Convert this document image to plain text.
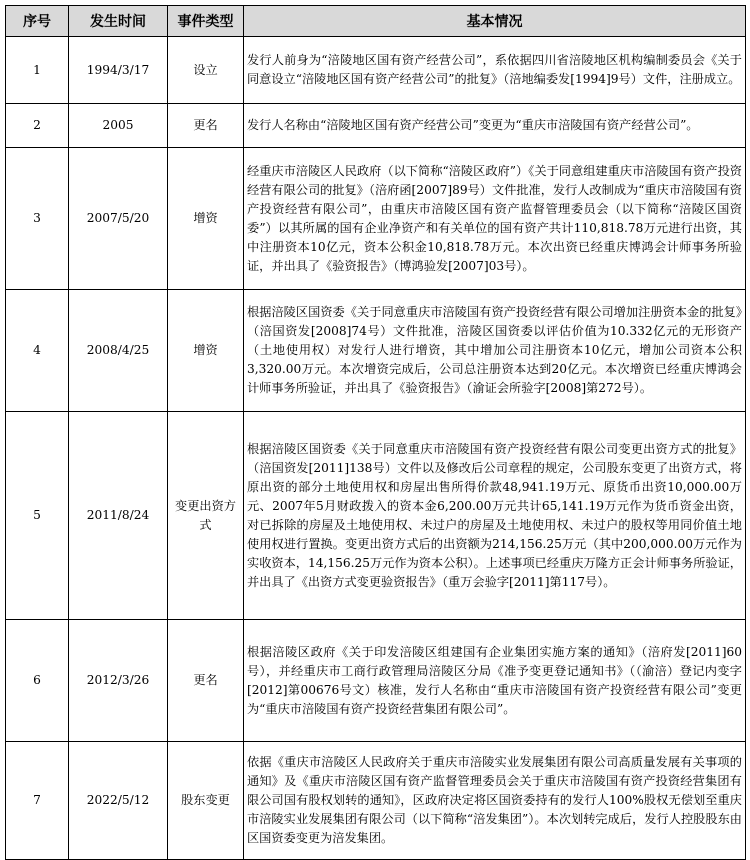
序号	发生时间	事件类型	基本情况
1	1994/3/17	设立	发行人前身为“涪陵地区国有资产经营公司”，系依据四川省涪陵地区机构编制委员会《关于同意设立“涪陵地区国有资产经营公司”的批复》（涪地编委发[1994]9号）文件，注册成立。
2	2005	更名	发行人名称由“涪陵地区国有资产经营公司”变更为“重庆市涪陵国有资产经营公司”。
3	2007/5/20	增资	经重庆市涪陵区人民政府（以下简称“涪陵区政府”）《关于同意组建重庆市涪陵国有资产投资经营有限公司的批复》（涪府函[2007]89号）文件批准，发行人改制成为“重庆市涪陵国有资产投资经营有限公司”，由重庆市涪陵区国有资产监督管理委员会（以下简称“涪陵区国资委”）以其所属的国有企业净资产和有关单位的国有资产共计110,818.78万元进行出资，其中注册资本10亿元，资本公积金10,818.78万元。本次出资已经重庆博鸿会计师事务所验证，并出具了《验资报告》（博鸿验发[2007]03号）。
4	2008/4/25	增资	根据涪陵区国资委《关于同意重庆市涪陵国有资产投资经营有限公司增加注册资本金的批复》（涪国资发[2008]74号）文件批准，涪陵区国资委以评估价值为10.332亿元的无形资产（土地使用权）对发行人进行增资，其中增加公司注册资本10亿元，增加公司资本公积3,320.00万元。本次增资完成后，公司总注册资本达到20亿元。本次增资已经重庆博鸿会计师事务所验证，并出具了《验资报告》（渝证会所验字[2008]第272号）。
5	2011/8/24	变更出资方式	根据涪陵区国资委《关于同意重庆市涪陵国有资产投资经营有限公司变更出资方式的批复》（涪国资发[2011]138号）文件以及修改后公司章程的规定，公司股东变更了出资方式，将原出资的部分土地使用权和房屋出售所得价款48,941.19万元、原货币出资10,000.00万元、2007年5月财政拨入的资本金6,200.00万元共计65,141.19万元作为货币资金出资，对已拆除的房屋及土地使用权、未过户的房屋及土地使用权、未过户的股权等用同价值土地使用权进行置换。变更出资方式后的出资额为214,156.25万元（其中200,000.00万元作为实收资本，14,156.25万元作为资本公积）。上述事项已经重庆万隆方正会计师事务所验证，并出具了《出资方式变更验资报告》（重万会验字[2011]第117号）。
6	2012/3/26	更名	根据涪陵区政府《关于印发涪陵区组建国有企业集团实施方案的通知》（涪府发[2011]60号），并经重庆市工商行政管理局涪陵区分局《准予变更登记通知书》（（渝涪）登记内变字[2012]第00676号文）核准，发行人名称由“重庆市涪陵国有资产投资经营有限公司”变更为“重庆市涪陵国有资产投资经营集团有限公司”。
7	2022/5/12	股东变更	依据《重庆市涪陵区人民政府关于重庆市涪陵实业发展集团有限公司高质量发展有关事项的通知》及《重庆市涪陵区国有资产监督管理委员会关于重庆市涪陵国有资产投资经营集团有限公司国有股权划转的通知》，区政府决定将区国资委持有的发行人100%股权无偿划至重庆市涪陵实业发展集团有限公司（以下简称“涪发集团”）。本次划转完成后，发行人控股股东由区国资委变更为涪发集团。
